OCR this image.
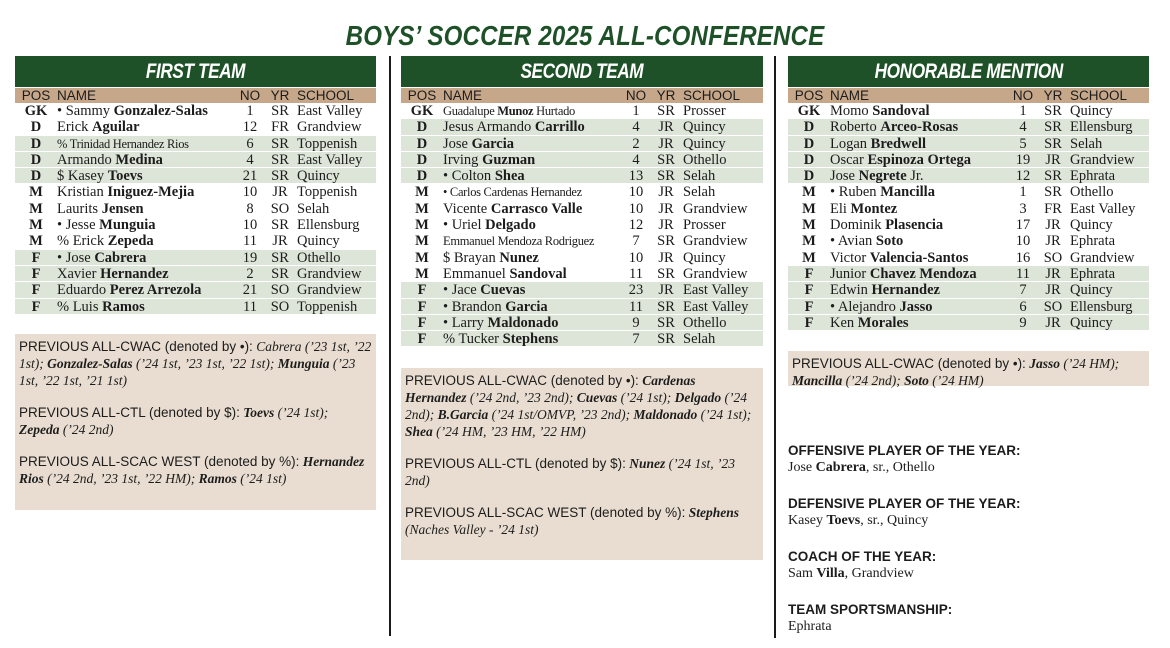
BOYS’ SOCCER 2025 ALL-CONFERENCE
FIRST TEAM
POS NAME	NO YR SCHOOL
GK • Sammy Gonzalez-Salas	1	SR East Valley
D	Erick Aguilar	12 FR Grandview
D	% Trinidad Hernandez Rios	6	SR Toppenish
D	Armando Medina	4	SR East Valley
D	$ Kasey Toevs	21 SR Quincy
M Kristian Iniguez-Mejia	10	JR Toppenish
M Laurits Jensen	8	SO Selah
M • Jesse Munguia	10 SR Ellensburg
M % Erick Zepeda	11	JR Quincy
F	• Jose Cabrera	19 SR Othello
F	Xavier Hernandez	2	SR Grandview
F	Eduardo Perez Arrezola	21 SO Grandview
F	% Luis Ramos	11 SO Toppenish
SECOND TEAM
POS NAME	NO YR SCHOOL
GK Guadalupe Munoz Hurtado	1	SR Prosser
D	Jesus Armando Carrillo	4	JR Quincy
D	Jose Garcia	2	JR Quincy
D	Irving Guzman	4	SR Othello
D	• Colton Shea	13 SR Selah
M	• Carlos Cardenas Hernandez	10	JR Selah
M Vicente Carrasco Valle	10	JR Grandview
M • Uriel Delgado	12	JR Prosser
M	Emmanuel Mendoza Rodriguez	7	SR Grandview
M $ Brayan Nunez	10	JR Quincy
M Emmanuel Sandoval	11 SR Grandview
F	• Jace Cuevas	23	JR East Valley
F	• Brandon Garcia	11 SR East Valley
F	• Larry Maldonado	9	SR Othello
F	% Tucker Stephens	7	SR Selah
HONORABLE MENTION
POS NAME	NO YR SCHOOL
GK Momo Sandoval	1	SR Quincy
D	Roberto Arceo-Rosas	4	SR Ellensburg
D	Logan Bredwell	5	SR Selah
D	Oscar Espinoza Ortega	19	JR Grandview
D	Jose Negrete Jr.	12 SR Ephrata
M • Ruben Mancilla	1	SR Othello
M Eli Montez	3	FR East Valley
M Dominik Plasencia	17	JR Quincy
M • Avian Soto	10	JR Ephrata
M Victor Valencia-Santos	16 SO Grandview
F	Junior Chavez Mendoza	11	JR Ephrata
F	Edwin Hernandez	7	JR Quincy
F	• Alejandro Jasso	6	SO Ellensburg
F	Ken Morales	9	JR Quincy

PREVIOUS ALL-CWAC (denoted by •): Cabrera (’23 1st, ’22 1st); Gonzalez-Salas (’24 1st, ’23 1st, ’22 1st); Munguia (’23 1st, ’22 1st, ’21 1st)

PREVIOUS ALL-CTL (denoted by $): Toevs (’24 1st); Zepeda (’24 2nd)

PREVIOUS ALL-SCAC WEST (denoted by %): Hernandez Rios (’24 2nd, ’23 1st, ’22 HM); Ramos (’24 1st)

PREVIOUS ALL-CWAC (denoted by •): Cardenas Hernandez (’24 2nd, ’23 2nd); Cuevas (’24 1st); Delgado (’24 2nd); B.Garcia (’24 1st/OMVP, ’23 2nd); Maldonado (’24 1st); Shea (’24 HM, ’23 HM, ’22 HM)

PREVIOUS ALL-CTL (denoted by $): Nunez (’24 1st, ’23 2nd)

PREVIOUS ALL-SCAC WEST (denoted by %): Stephens (Naches Valley - ’24 1st)

PREVIOUS ALL-CWAC (denoted by •): Jasso (’24 HM); Mancilla (’24 2nd); Soto (’24 HM)

OFFENSIVE PLAYER OF THE YEAR:
Jose Cabrera, sr., Othello
DEFENSIVE PLAYER OF THE YEAR:
Kasey Toevs, sr., Quincy
COACH OF THE YEAR:
Sam Villa, Grandview
TEAM SPORTSMANSHIP:
Ephrata
